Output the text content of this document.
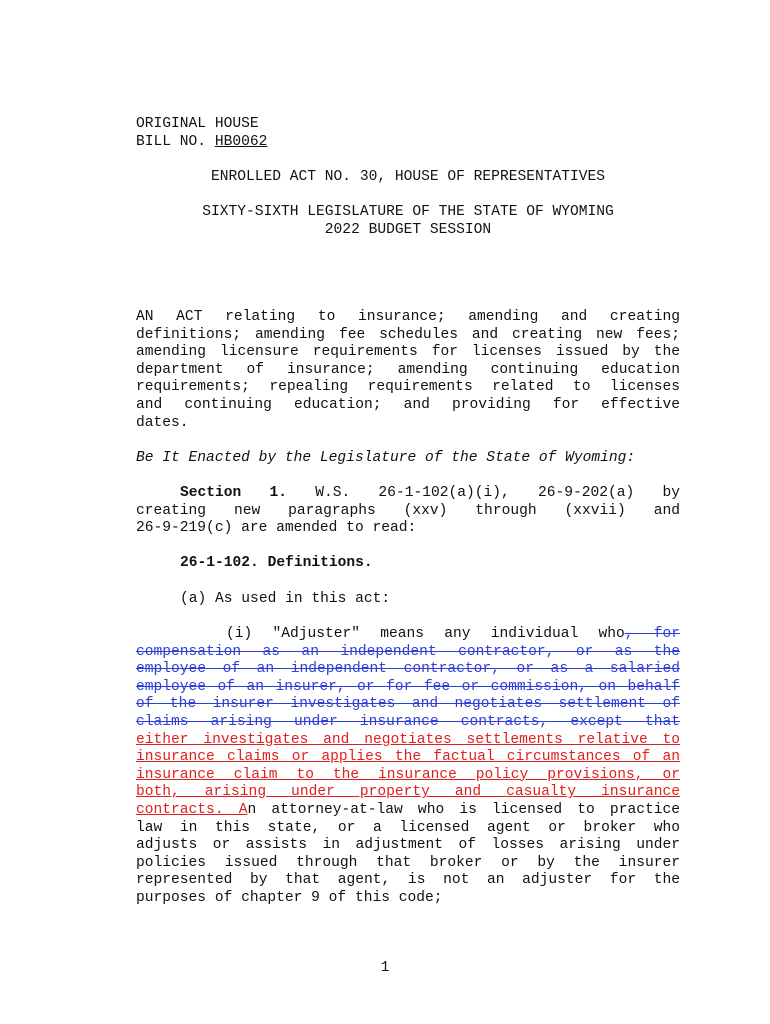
ORIGINAL HOUSE
BILL NO. HB0062
ENROLLED ACT NO. 30, HOUSE OF REPRESENTATIVES
SIXTY-SIXTH LEGISLATURE OF THE STATE OF WYOMING
2022 BUDGET SESSION
AN ACT relating to insurance; amending and creating
definitions; amending fee schedules and creating new fees;
amending licensure requirements for licenses issued by the
department of insurance; amending continuing education
requirements; repealing requirements related to licenses
and continuing education; and providing for effective
dates.
Be It Enacted by the Legislature of the State of Wyoming:
Section 1. W.S. 26-1-102(a)(i), 26-9-202(a) by
creating new paragraphs (xxv) through (xxvii) and
26-9-219(c) are amended to read:
26-1-102. Definitions.
(a) As used in this act:
(i) "Adjuster" means any individual who, for
compensation as an independent contractor, or as the
employee of an independent contractor, or as a salaried
employee of an insurer, or for fee or commission, on behalf
of the insurer investigates and negotiates settlement of
claims arising under insurance contracts, except that
either investigates and negotiates settlements relative to
insurance claims or applies the factual circumstances of an
insurance claim to the insurance policy provisions, or
both, arising under property and casualty insurance
contracts. An attorney-at-law who is licensed to practice
law in this state, or a licensed agent or broker who
adjusts or assists in adjustment of losses arising under
policies issued through that broker or by the insurer
represented by that agent, is not an adjuster for the
purposes of chapter 9 of this code;
1
